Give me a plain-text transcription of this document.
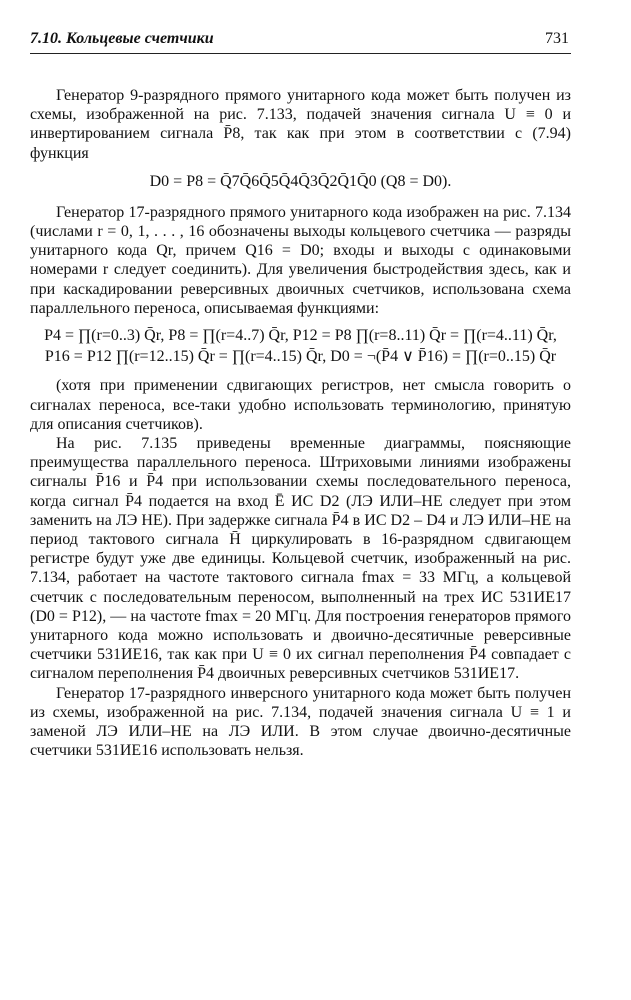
7.10. Кольцевые счетчики	731

Генератор 9-разрядного прямого унитарного кода может быть получен из схемы, изображенной на рис. 7.133, подачей значения сигнала U ≡ 0 и инвертированием сигнала P̄8, так как при этом в соответствии с (7.94) функция

D0 = P8 = Q̄7Q̄6Q̄5Q̄4Q̄3Q̄2Q̄1Q̄0 (Q8 = D0).

Генератор 17-разрядного прямого унитарного кода изображен на рис. 7.134 (числами r = 0, 1, . . . , 16 обозначены выходы кольцевого счетчика — разряды унитарного кода Qr, причем Q16 = D0; входы и выходы с одинаковыми номерами r следует соединить). Для увеличения быстродействия здесь, как и при каскадировании реверсивных двоичных счетчиков, использована схема параллельного переноса, описываемая функциями:

P4 = ∏(r=0..3) Q̄r, P8 = ∏(r=4..7) Q̄r, P12 = P8 ∏(r=8..11) Q̄r = ∏(r=4..11) Q̄r,
P16 = P12 ∏(r=12..15) Q̄r = ∏(r=4..15) Q̄r, D0 = ¬(P̄4 ∨ P̄16) = ∏(r=0..15) Q̄r

(хотя при применении сдвигающих регистров, нет смысла говорить о сигналах переноса, все-таки удобно использовать терминологию, принятую для описания счетчиков).

На рис. 7.135 приведены временные диаграммы, поясняющие преимущества параллельного переноса. Штриховыми линиями изображены сигналы P̄16 и P̄4 при использовании схемы последовательного переноса, когда сигнал P̄4 подается на вход Ē ИС D2 (ЛЭ ИЛИ–НЕ следует при этом заменить на ЛЭ НЕ). При задержке сигнала P̄4 в ИС D2 – D4 и ЛЭ ИЛИ–НЕ на период тактового сигнала H̄ циркулировать в 16-разрядном сдвигающем регистре будут уже две единицы. Кольцевой счетчик, изображенный на рис. 7.134, работает на частоте тактового сигнала fmax = 33 МГц, а кольцевой счетчик с последовательным переносом, выполненный на трех ИС 531ИЕ17 (D0 = P12), — на частоте fmax = 20 МГц. Для построения генераторов прямого унитарного кода можно использовать и двоично-десятичные реверсивные счетчики 531ИЕ16, так как при U ≡ 0 их сигнал переполнения P̄4 совпадает с сигналом переполнения P̄4 двоичных реверсивных счетчиков 531ИЕ17.

Генератор 17-разрядного инверсного унитарного кода может быть получен из схемы, изображенной на рис. 7.134, подачей значения сигнала U ≡ 1 и заменой ЛЭ ИЛИ–НЕ на ЛЭ ИЛИ. В этом случае двоично-десятичные счетчики 531ИЕ16 использовать нельзя.
